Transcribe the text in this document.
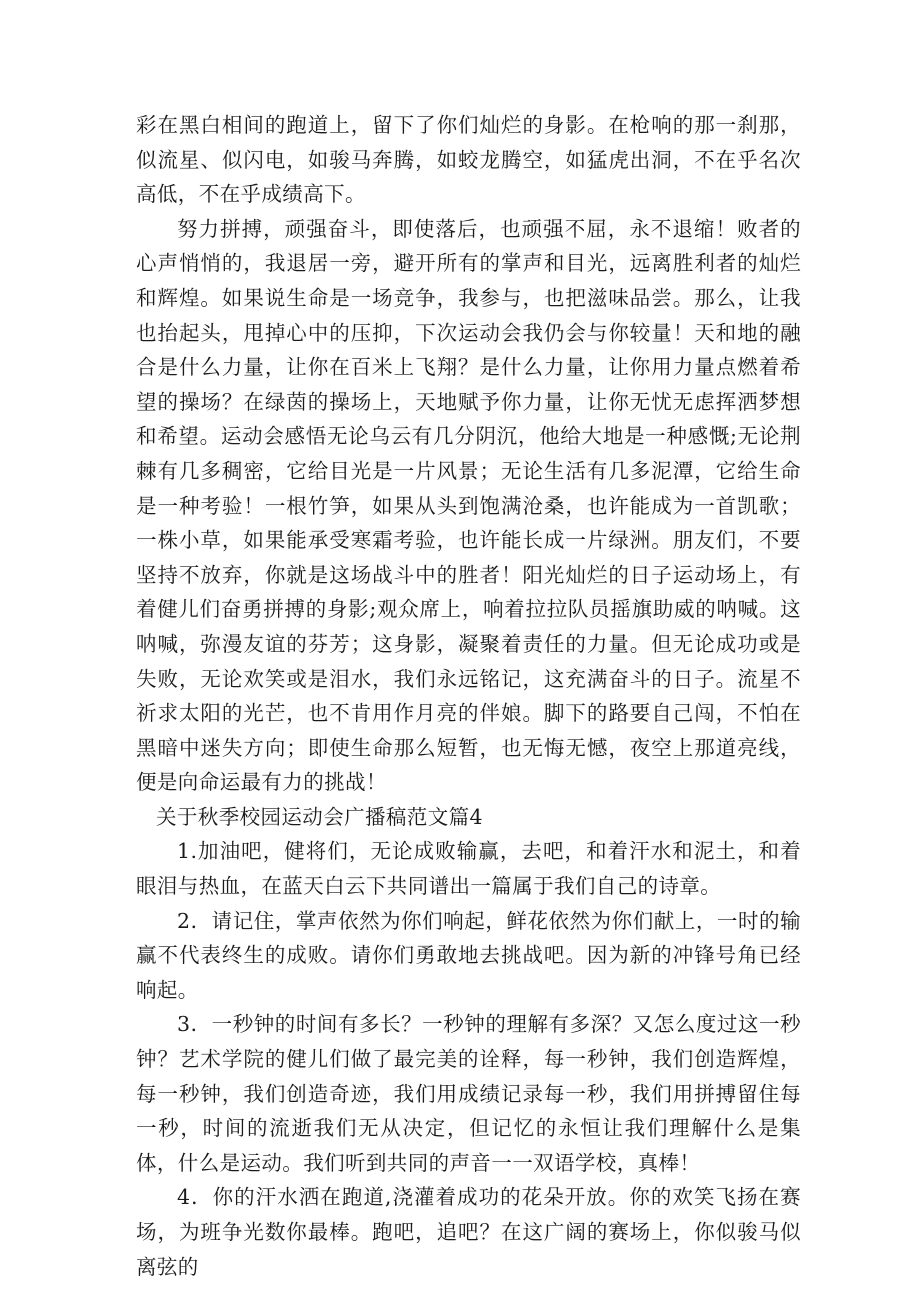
彩在黑白相间的跑道上，留下了你们灿烂的身影。在枪响的那一刹那，似流星、似闪电，如骏马奔腾，如蛟龙腾空，如猛虎出洞，不在乎名次高低，不在乎成绩高下。

努力拼搏，顽强奋斗，即使落后，也顽强不屈，永不退缩！败者的心声悄悄的，我退居一旁，避开所有的掌声和目光，远离胜利者的灿烂和辉煌。如果说生命是一场竞争，我参与，也把滋味品尝。那么，让我也抬起头，甩掉心中的压抑，下次运动会我仍会与你较量！天和地的融合是什么力量，让你在百米上飞翔？是什么力量，让你用力量点燃着希望的操场？在绿茵的操场上，天地赋予你力量，让你无忧无虑挥洒梦想和希望。运动会感悟无论乌云有几分阴沉，他给大地是一种感慨;无论荆棘有几多稠密，它给目光是一片风景；无论生活有几多泥潭，它给生命是一种考验！一根竹笋，如果从头到饱满沧桑，也许能成为一首凯歌；一株小草，如果能承受寒霜考验，也许能长成一片绿洲。朋友们，不要坚持不放弃，你就是这场战斗中的胜者！阳光灿烂的日子运动场上，有着健儿们奋勇拼搏的身影;观众席上，响着拉拉队员摇旗助威的呐喊。这呐喊，弥漫友谊的芬芳；这身影，凝聚着责任的力量。但无论成功或是失败，无论欢笑或是泪水，我们永远铭记，这充满奋斗的日子。流星不祈求太阳的光芒，也不肯用作月亮的伴娘。脚下的路要自己闯，不怕在黑暗中迷失方向；即使生命那么短暂，也无悔无憾，夜空上那道亮线，便是向命运最有力的挑战！

关于秋季校园运动会广播稿范文篇4

1.加油吧，健将们，无论成败输赢，去吧，和着汗水和泥土，和着眼泪与热血，在蓝天白云下共同谱出一篇属于我们自己的诗章。

2．请记住，掌声依然为你们响起，鲜花依然为你们献上，一时的输赢不代表终生的成败。请你们勇敢地去挑战吧。因为新的冲锋号角已经响起。

3．一秒钟的时间有多长？一秒钟的理解有多深？又怎么度过这一秒钟？艺术学院的健儿们做了最完美的诠释，每一秒钟，我们创造辉煌，每一秒钟，我们创造奇迹，我们用成绩记录每一秒，我们用拼搏留住每一秒，时间的流逝我们无从决定，但记忆的永恒让我们理解什么是集体，什么是运动。我们听到共同的声音一一双语学校，真棒！

4．你的汗水洒在跑道,浇灌着成功的花朵开放。你的欢笑飞扬在赛场，为班争光数你最棒。跑吧，追吧？在这广阔的赛场上，你似骏马似离弦的
